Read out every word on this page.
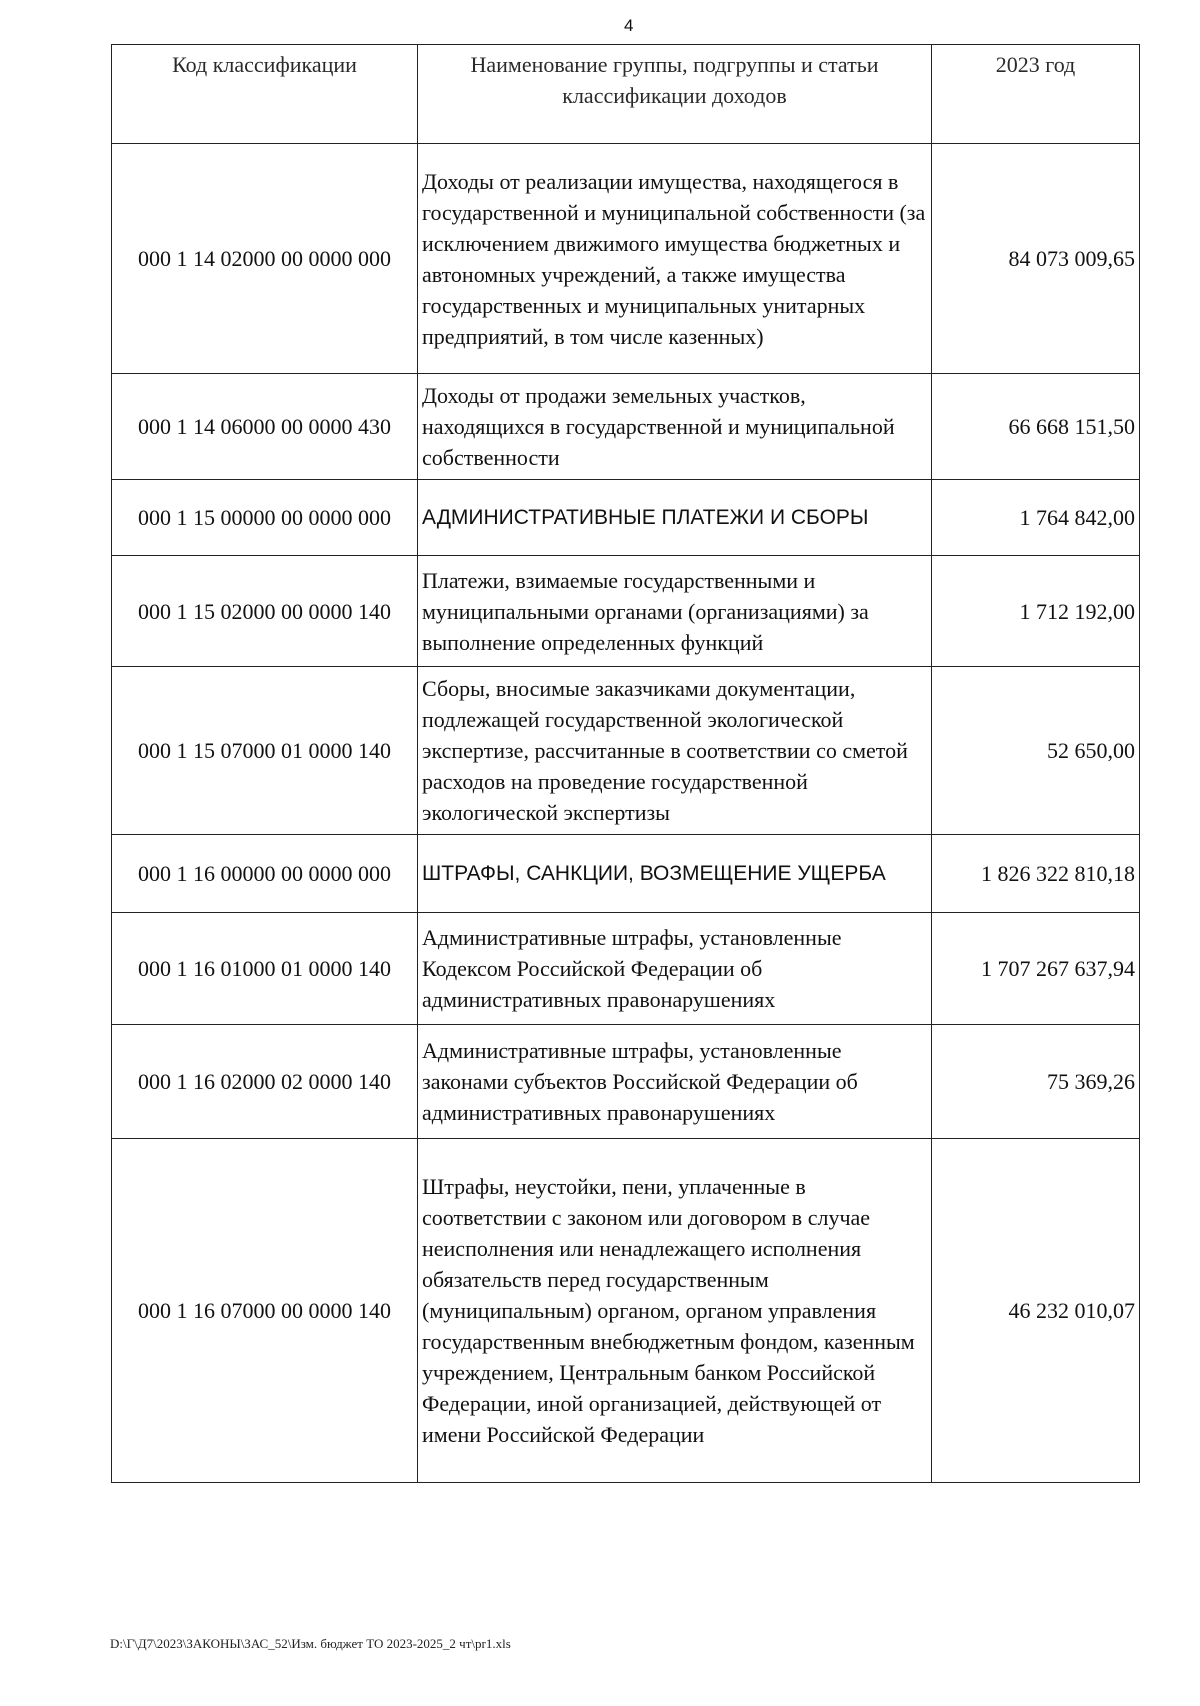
4
Код классификации	Наименование группы, подгруппы и статьи классификации доходов	2023 год
000 1 14 02000 00 0000 000	Доходы от реализации имущества, находящегося в государственной и муниципальной собственности (за исключением движимого имущества бюджетных и автономных учреждений, а также имущества государственных и муниципальных унитарных предприятий, в том числе казенных)	84 073 009,65
000 1 14 06000 00 0000 430	Доходы от продажи земельных участков, находящихся в государственной и муниципальной собственности	66 668 151,50
000 1 15 00000 00 0000 000	АДМИНИСТРАТИВНЫЕ ПЛАТЕЖИ И СБОРЫ	1 764 842,00
000 1 15 02000 00 0000 140	Платежи, взимаемые государственными и муниципальными органами (организациями) за выполнение определенных функций	1 712 192,00
000 1 15 07000 01 0000 140	Сборы, вносимые заказчиками документации, подлежащей государственной экологической экспертизе, рассчитанные в соответствии со сметой расходов на проведение государственной экологической экспертизы	52 650,00
000 1 16 00000 00 0000 000	ШТРАФЫ, САНКЦИИ, ВОЗМЕЩЕНИЕ УЩЕРБА	1 826 322 810,18
000 1 16 01000 01 0000 140	Административные штрафы, установленные Кодексом Российской Федерации об административных правонарушениях	1 707 267 637,94
000 1 16 02000 02 0000 140	Административные штрафы, установленные законами субъектов Российской Федерации об административных правонарушениях	75 369,26
000 1 16 07000 00 0000 140	Штрафы, неустойки, пени, уплаченные в соответствии с законом или договором в случае неисполнения или ненадлежащего исполнения обязательств перед государственным (муниципальным) органом, органом управления государственным внебюджетным фондом, казенным учреждением, Центральным банком Российской Федерации, иной организацией, действующей от имени Российской Федерации	46 232 010,07
D:\Г\Д7\2023\ЗАКОНЫ\ЗАС_52\Изм. бюджет ТО 2023-2025_2 чт\pr1.xls
